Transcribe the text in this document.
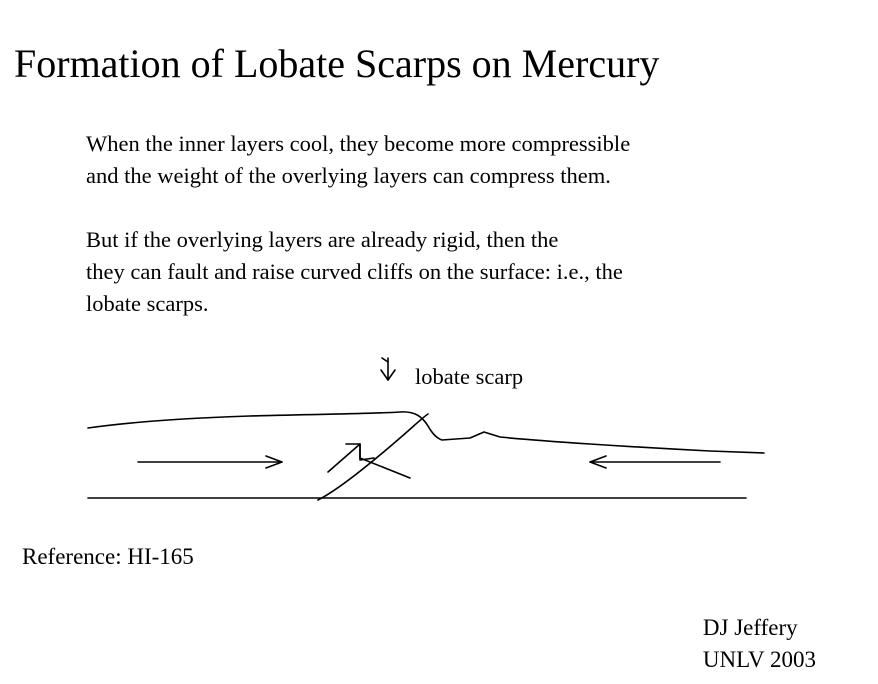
Formation of Lobate Scarps on Mercury

When the inner layers cool, they become more compressible

and the weight of the overlying layers can compress them.

But if the overlying layers are already rigid, then the

they can fault and raise curved cliffs on the surface: i.e., the

lobate scarps.

lobate scarp
Reference: HI-165
DJ Jeffery
UNLV 2003
